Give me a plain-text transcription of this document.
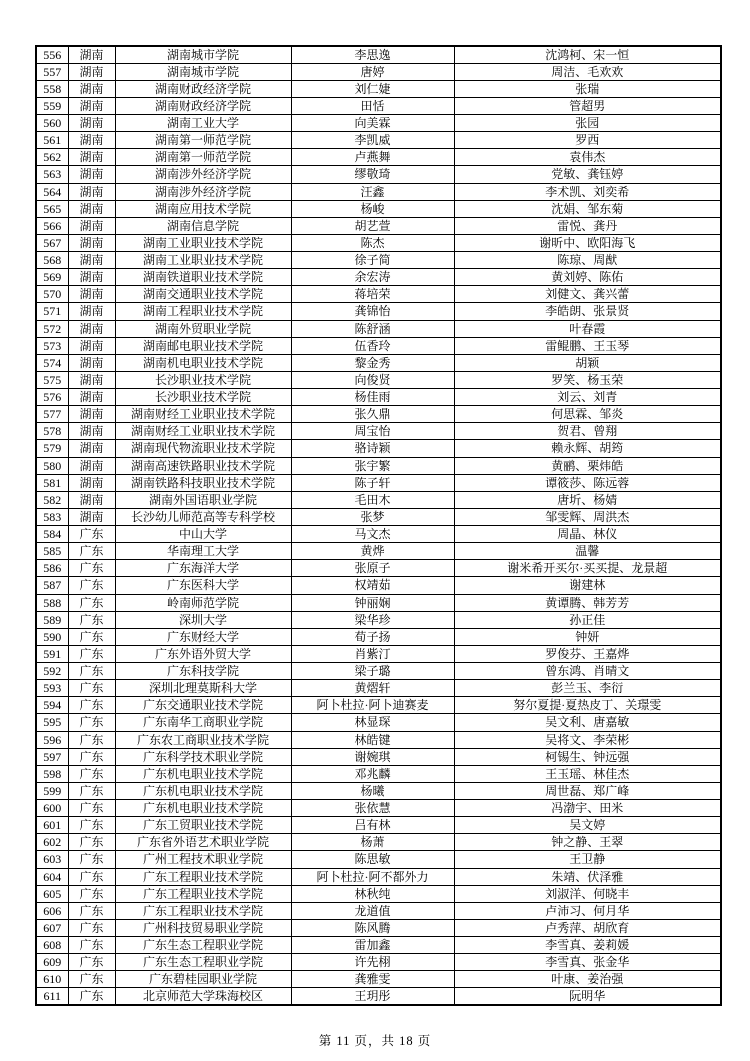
556	湖南	湖南城市学院	李思逸	沈鸿柯、宋一恒
557	湖南	湖南城市学院	唐婷	周洁、毛欢欢
558	湖南	湖南财政经济学院	刘仁婕	张瑞
559	湖南	湖南财政经济学院	田恬	管超男
560	湖南	湖南工业大学	向美霖	张园
561	湖南	湖南第一师范学院	李凯威	罗西
562	湖南	湖南第一师范学院	卢燕舞	袁伟杰
563	湖南	湖南涉外经济学院	缪敬琦	党敏、龚钰婷
564	湖南	湖南涉外经济学院	汪鑫	李术凯、刘奕希
565	湖南	湖南应用技术学院	杨峻	沈娟、邹东菊
566	湖南	湖南信息学院	胡艺萱	雷悦、龚丹
567	湖南	湖南工业职业技术学院	陈杰	谢昕中、欧阳海飞
568	湖南	湖南工业职业技术学院	徐子简	陈琼、周猷
569	湖南	湖南铁道职业技术学院	余宏涛	黄刘婷、陈佑
570	湖南	湖南交通职业技术学院	蒋培荣	刘健文、龚兴蕾
571	湖南	湖南工程职业技术学院	龚锦怡	李皓朗、张景贤
572	湖南	湖南外贸职业学院	陈舒涵	叶春霞
573	湖南	湖南邮电职业技术学院	伍香玲	雷鲲鹏、王玉琴
574	湖南	湖南机电职业技术学院	黎金秀	胡颖
575	湖南	长沙职业技术学院	向俊贤	罗笑、杨玉荣
576	湖南	长沙职业技术学院	杨佳雨	刘云、刘青
577	湖南	湖南财经工业职业技术学院	张久鼎	何思霖、邹炎
578	湖南	湖南财经工业职业技术学院	周宝怡	贺君、曾翔
579	湖南	湖南现代物流职业技术学院	骆诗颖	赖永辉、胡筠
580	湖南	湖南高速铁路职业技术学院	张宇繁	黄鹂、栗炜皓
581	湖南	湖南铁路科技职业技术学院	陈子轩	谭筱莎、陈远蓉
582	湖南	湖南外国语职业学院	毛田木	唐圻、杨婧
583	湖南	长沙幼儿师范高等专科学校	张梦	邹雯辉、周洪杰
584	广东	中山大学	马文杰	周晶、林仪
585	广东	华南理工大学	黄烨	温馨
586	广东	广东海洋大学	张原子	谢米希开买尔·买买提、龙景超
587	广东	广东医科大学	权靖茹	谢建林
588	广东	岭南师范学院	钟丽娴	黄谭腾、韩芳芳
589	广东	深圳大学	梁华珍	孙正佳
590	广东	广东财经大学	荀子扬	钟妍
591	广东	广东外语外贸大学	肖紫汀	罗俊芬、王嘉烨
592	广东	广东科技学院	梁子璐	曾东鸿、肖晴文
593	广东	深圳北理莫斯科大学	黄熠轩	彭兰玉、李衍
594	广东	广东交通职业技术学院	阿卜杜拉·阿卜迪赛麦	努尔夏提·夏热皮丁、关璟雯
595	广东	广东南华工商职业学院	林显琛	吴文利、唐嘉敏
596	广东	广东农工商职业技术学院	林皓键	吴将文、李荣彬
597	广东	广东科学技术职业学院	谢婉琪	柯锡生、钟远强
598	广东	广东机电职业技术学院	邓兆麟	王玉瑶、林佳杰
599	广东	广东机电职业技术学院	杨曦	周世磊、郑广峰
600	广东	广东机电职业技术学院	张依慧	冯渤宇、田米
601	广东	广东工贸职业技术学院	吕有林	吴文婷
602	广东	广东省外语艺术职业学院	杨萧	钟之静、王翠
603	广东	广州工程技术职业学院	陈思敏	王卫静
604	广东	广东工程职业技术学院	阿卜杜拉·阿不都外力	朱靖、伏泽雅
605	广东	广东工程职业技术学院	林秋纯	刘淑洋、何晓丰
606	广东	广东工程职业技术学院	龙道值	卢沛习、何月华
607	广东	广州科技贸易职业学院	陈风腾	卢秀萍、胡欣育
608	广东	广东生态工程职业学院	雷加鑫	李雪真、姜莉媛
609	广东	广东生态工程职业学院	许先栩	李雪真、张金华
610	广东	广东碧桂园职业学院	龚雅雯	叶康、姜治强
611	广东	北京师范大学珠海校区	王玥彤	阮明华
第 11 页，共 18 页
